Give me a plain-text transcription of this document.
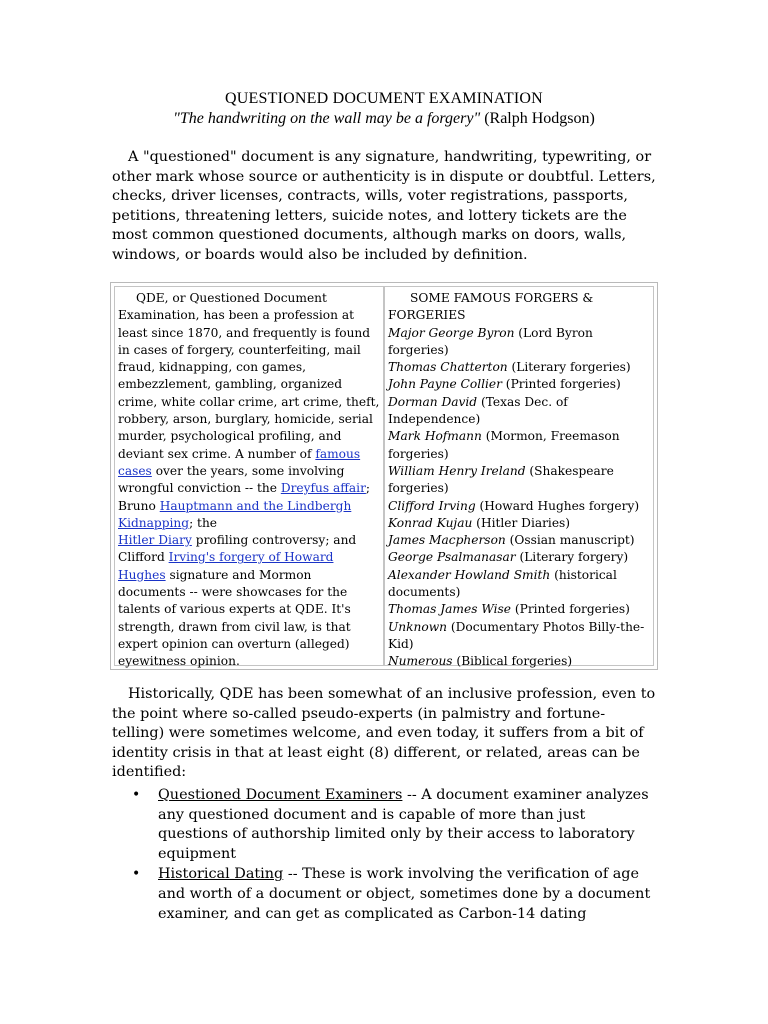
QUESTIONED DOCUMENT EXAMINATION
"The handwriting on the wall may be a forgery" (Ralph Hodgson)

A "questioned" document is any signature, handwriting, typewriting, or other mark whose source or authenticity is in dispute or doubtful. Letters, checks, driver licenses, contracts, wills, voter registrations, passports, petitions, threatening letters, suicide notes, and lottery tickets are the most common questioned documents, although marks on doors, walls, windows, or boards would also be included by definition.

QDE, or Questioned Document Examination, has been a profession at least since 1870, and frequently is found in cases of forgery, counterfeiting, mail fraud, kidnapping, con games, embezzlement, gambling, organized crime, white collar crime, art crime, theft, robbery, arson, burglary, homicide, serial murder, psychological profiling, and deviant sex crime. A number of famous cases over the years, some involving wrongful conviction -- the Dreyfus affair; Bruno Hauptmann and the Lindbergh Kidnapping; the
Hitler Diary profiling controversy; and Clifford Irving's forgery of Howard Hughes signature and Mormon documents -- were showcases for the talents of various experts at QDE. It's strength, drawn from civil law, is that expert opinion can overturn (alleged) eyewitness opinion.

SOME FAMOUS FORGERS & FORGERIES

Major George Byron (Lord Byron forgeries)

Thomas Chatterton (Literary forgeries)

John Payne Collier (Printed forgeries)

Dorman David (Texas Dec. of Independence)

Mark Hofmann (Mormon, Freemason forgeries)

William Henry Ireland (Shakespeare forgeries)

Clifford Irving (Howard Hughes forgery)

Konrad Kujau (Hitler Diaries)

James Macpherson (Ossian manuscript)

George Psalmanasar (Literary forgery)

Alexander Howland Smith (historical documents)

Thomas James Wise (Printed forgeries)

Unknown (Documentary Photos Billy-the-Kid)

Numerous (Biblical forgeries)

Historically, QDE has been somewhat of an inclusive profession, even to the point where so-called pseudo-experts (in palmistry and fortune-telling) were sometimes welcome, and even today, it suffers from a bit of identity crisis in that at least eight (8) different, or related, areas can be identified:

• Questioned Document Examiners -- A document examiner analyzes any questioned document and is capable of more than just questions of authorship limited only by their access to laboratory equipment
• Historical Dating -- These is work involving the verification of age and worth of a document or object, sometimes done by a document examiner, and can get as complicated as Carbon-14 dating
